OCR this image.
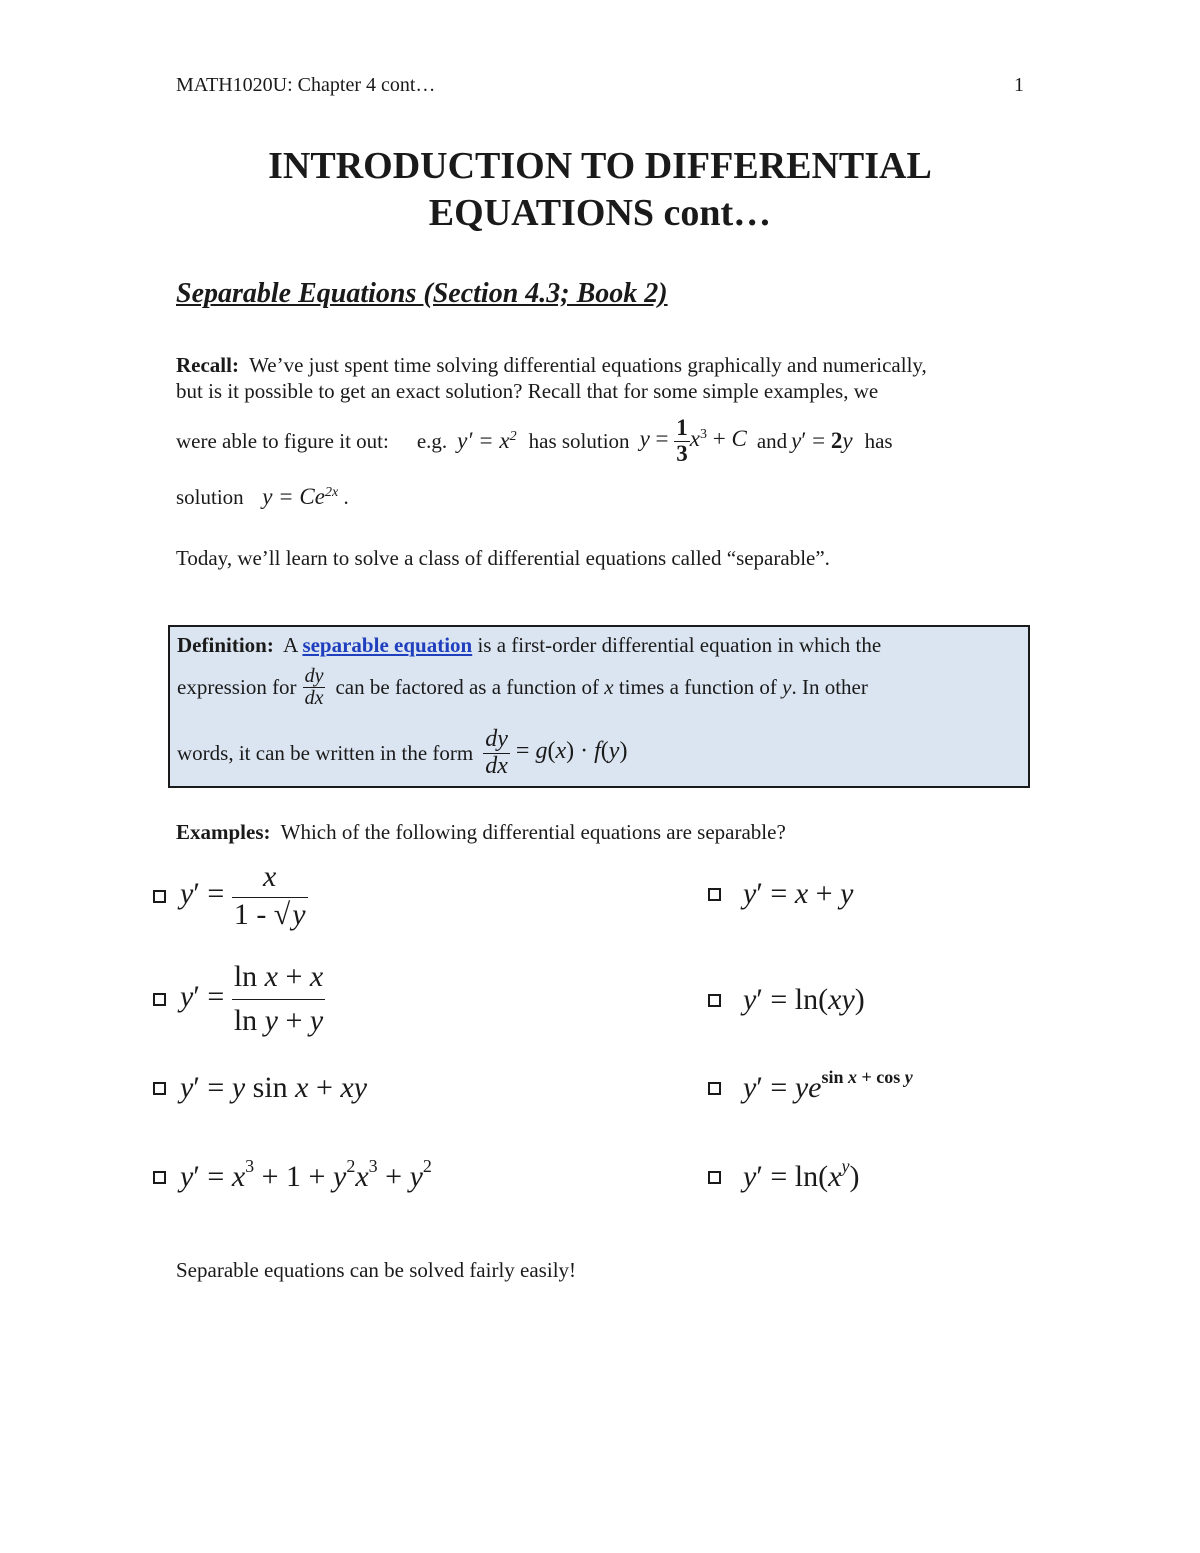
MATH1020U: Chapter 4 cont…	1
INTRODUCTION TO DIFFERENTIAL
EQUATIONS cont…
Separable Equations (Section 4.3; Book 2)
Recall: We’ve just spent time solving differential equations graphically and numerically,
but is it possible to get an exact solution? Recall that for some simple examples, we
were able to figure it out: e.g. $y' = x^2$ has solution $y = \frac{1}{3} x^3 + C$ and y′ = 2y has
solution $y = Ce^{2x}$ .
Today, we’ll learn to solve a class of differential equations called “separable”.
Definition: A separable equation is a first-order differential equation in which the
expression for $\frac{dy}{dx}$ can be factored as a function of
x
times a function of
y . In other
words, it can be written in the form $\frac{dy}{dx} = g(x) \cdot f(y)$
Examples: Which of the following differential equations are separable?
$y' = \frac{x}{1 - √y}$
$y' = \frac{\text{ln x + x}}{\text{ln y + y}}$
y′ = y sin x + xy
$y' = x^3 + 1 + y^2x^3 + y^2$
y′ = x + y
y′ = ln(xy)
$y' = ye^{sin x + cos y}$
$y' = \ln(x^y)$
Separable equations can be solved fairly easily!
